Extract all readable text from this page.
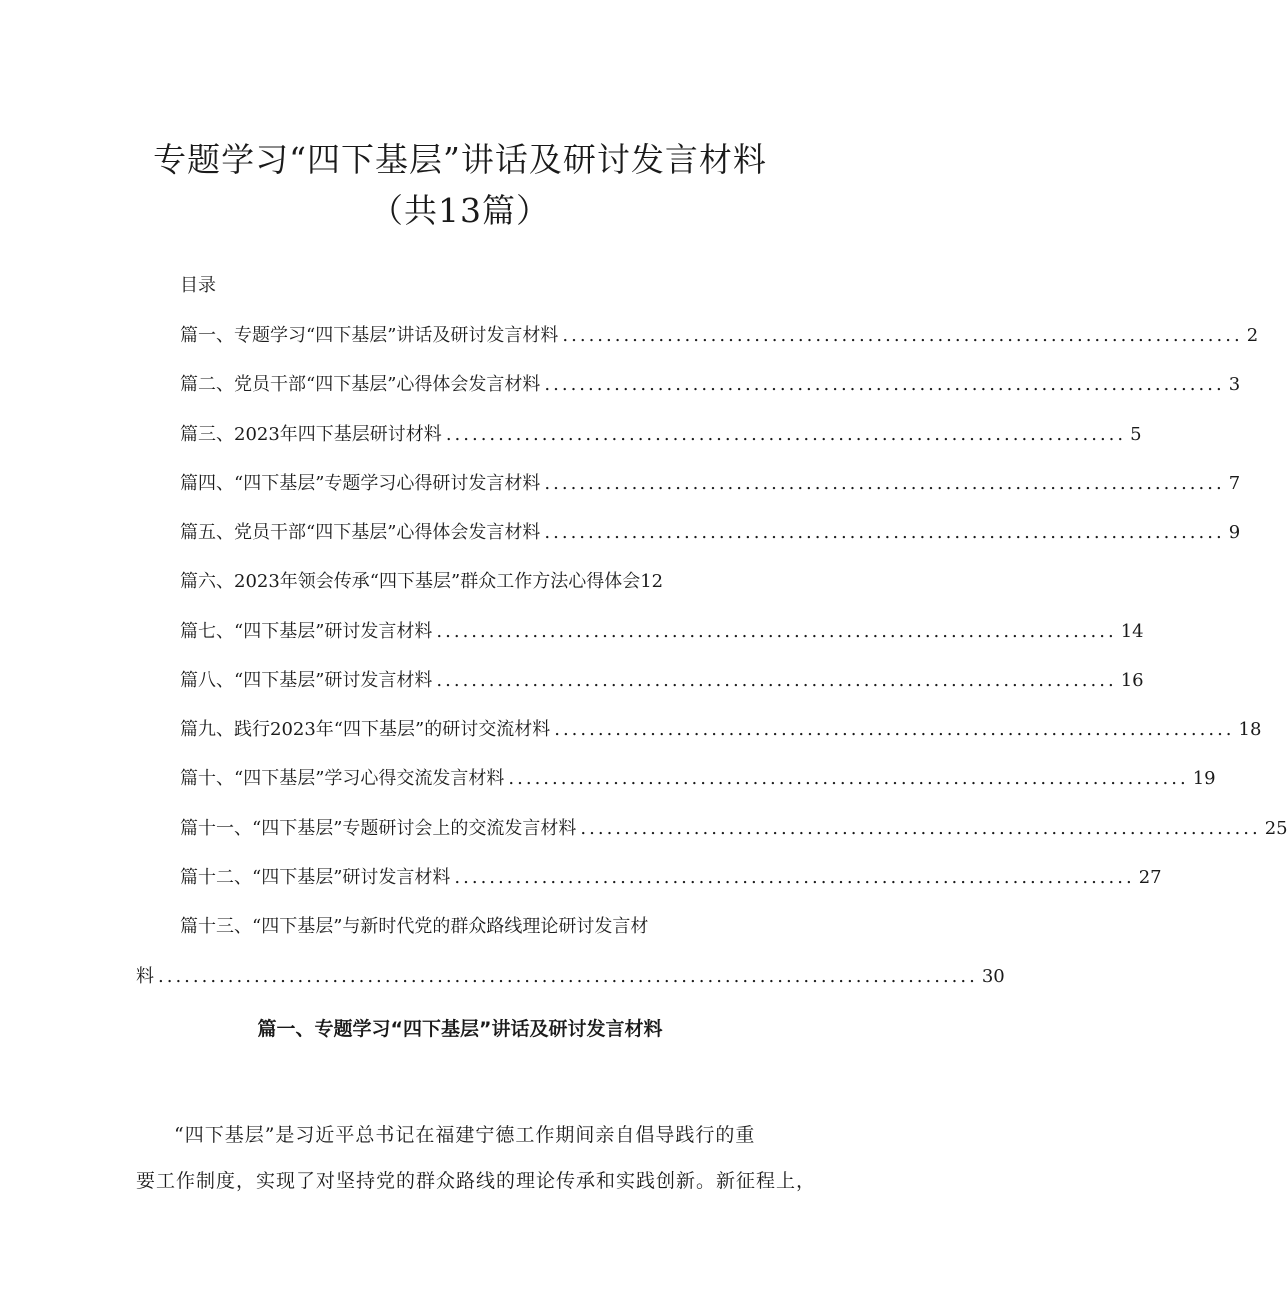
专题学习“四下基层”讲话及研讨发言材料
（共13篇）
目录
篇一、专题学习“四下基层”讲话及研讨发言材料 .............................................................................. 2
篇二、党员干部“四下基层”心得体会发言材料 .............................................................................. 3
篇三、2023年四下基层研讨材料 .............................................................................. 5
篇四、“四下基层”专题学习心得研讨发言材料 .............................................................................. 7
篇五、党员干部“四下基层”心得体会发言材料 .............................................................................. 9
篇六、2023年领会传承“四下基层”群众工作方法心得体会12
篇七、“四下基层”研讨发言材料 .............................................................................. 14
篇八、“四下基层”研讨发言材料 .............................................................................. 16
篇九、践行2023年“四下基层”的研讨交流材料 .............................................................................. 18
篇十、“四下基层”学习心得交流发言材料 .............................................................................. 19
篇十一、“四下基层”专题研讨会上的交流发言材料 .............................................................................. 25
篇十二、“四下基层”研讨发言材料 .............................................................................. 27
篇十三、“四下基层”与新时代党的群众路线理论研讨发言材
料 .............................................................................................. 30
篇一、专题学习“四下基层”讲话及研讨发言材料
“四下基层”是习近平总书记在福建宁德工作期间亲自倡导践行的重
要工作制度，实现了对坚持党的群众路线的理论传承和实践创新。新征程上，
